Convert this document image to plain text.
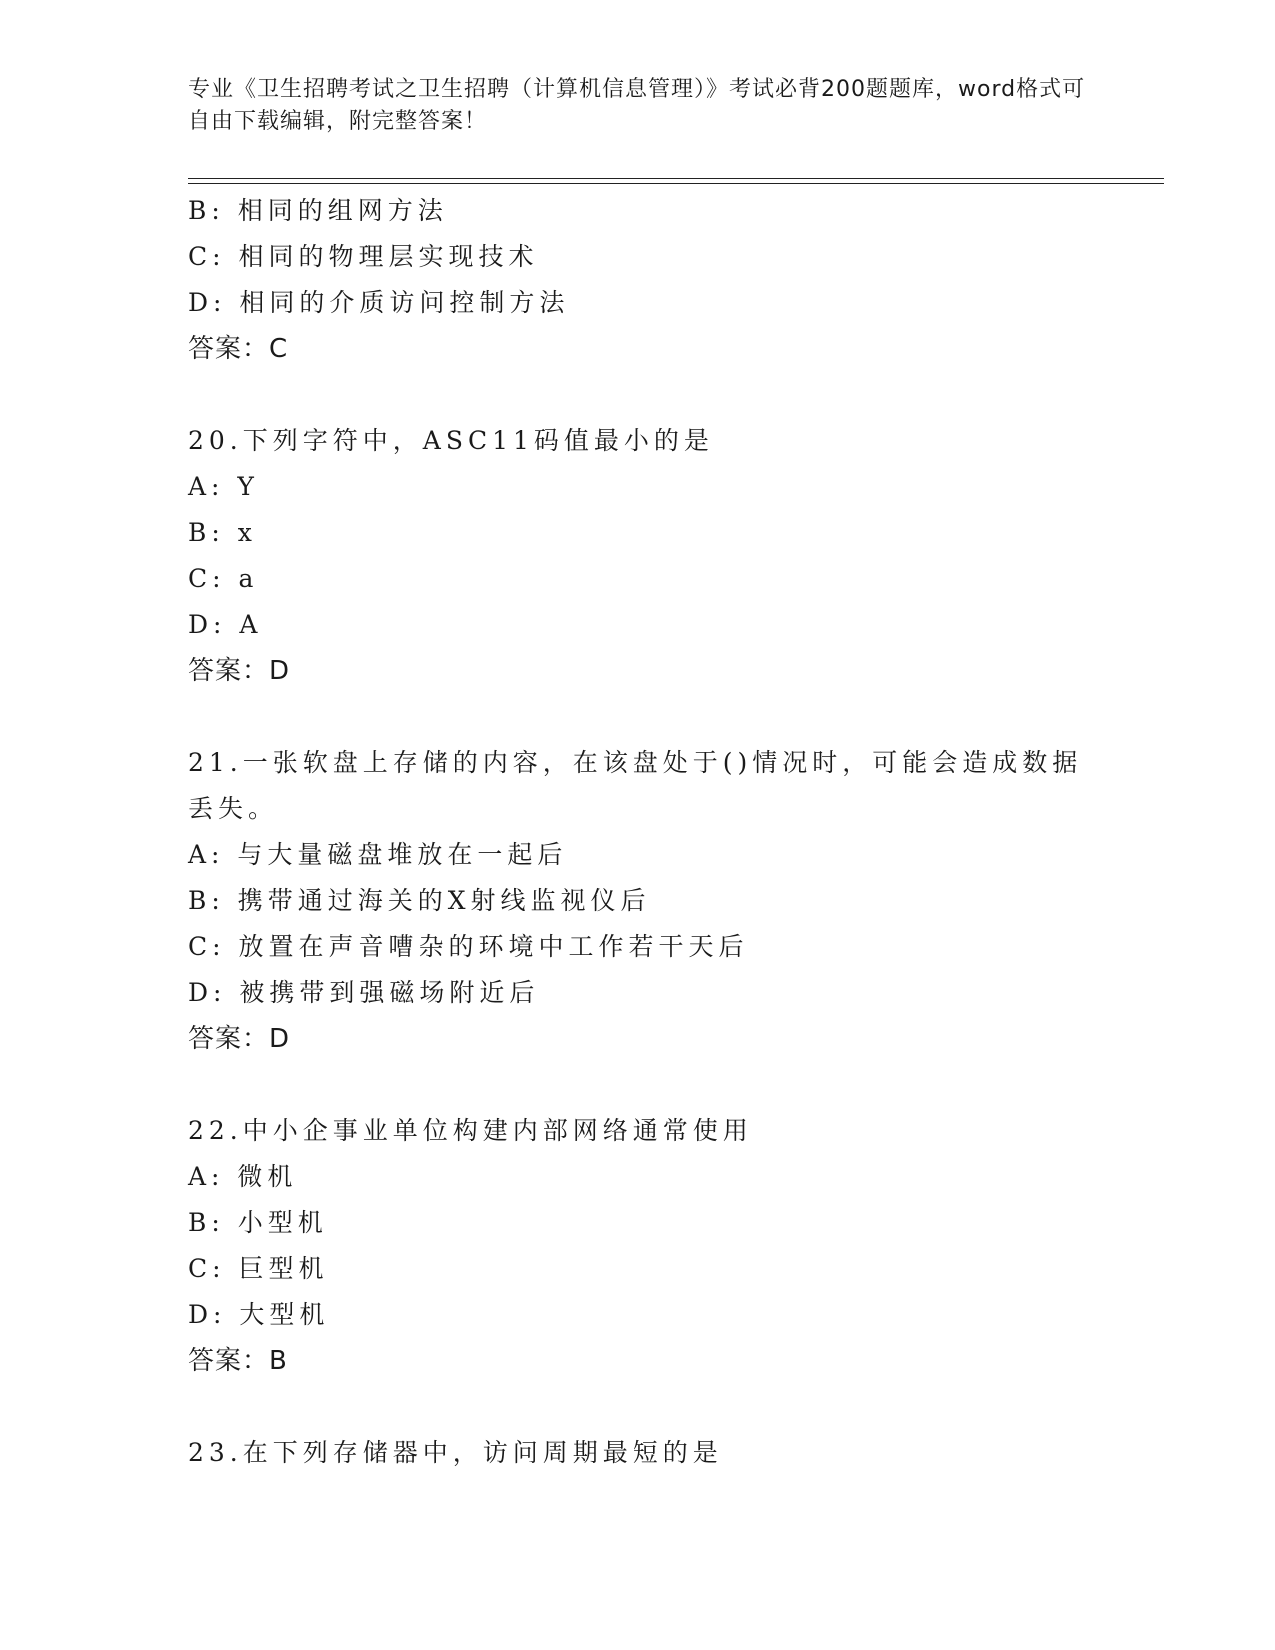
专业《卫生招聘考试之卫生招聘（计算机信息管理）》考试必背200题题库，word格式可自由下载编辑，附完整答案！
B: 相同的组网方法
C: 相同的物理层实现技术
D: 相同的介质访问控制方法
答案：C
20.下列字符中，ASC11码值最小的是
A: Y
B: x
C: a
D: A
答案：D
21.一张软盘上存储的内容，在该盘处于()情况时，可能会造成数据丢失。
A: 与大量磁盘堆放在一起后
B: 携带通过海关的X射线监视仪后
C: 放置在声音嘈杂的环境中工作若干天后
D: 被携带到强磁场附近后
答案：D
22.中小企事业单位构建内部网络通常使用
A: 微机
B: 小型机
C: 巨型机
D: 大型机
答案：B
23.在下列存储器中，访问周期最短的是
